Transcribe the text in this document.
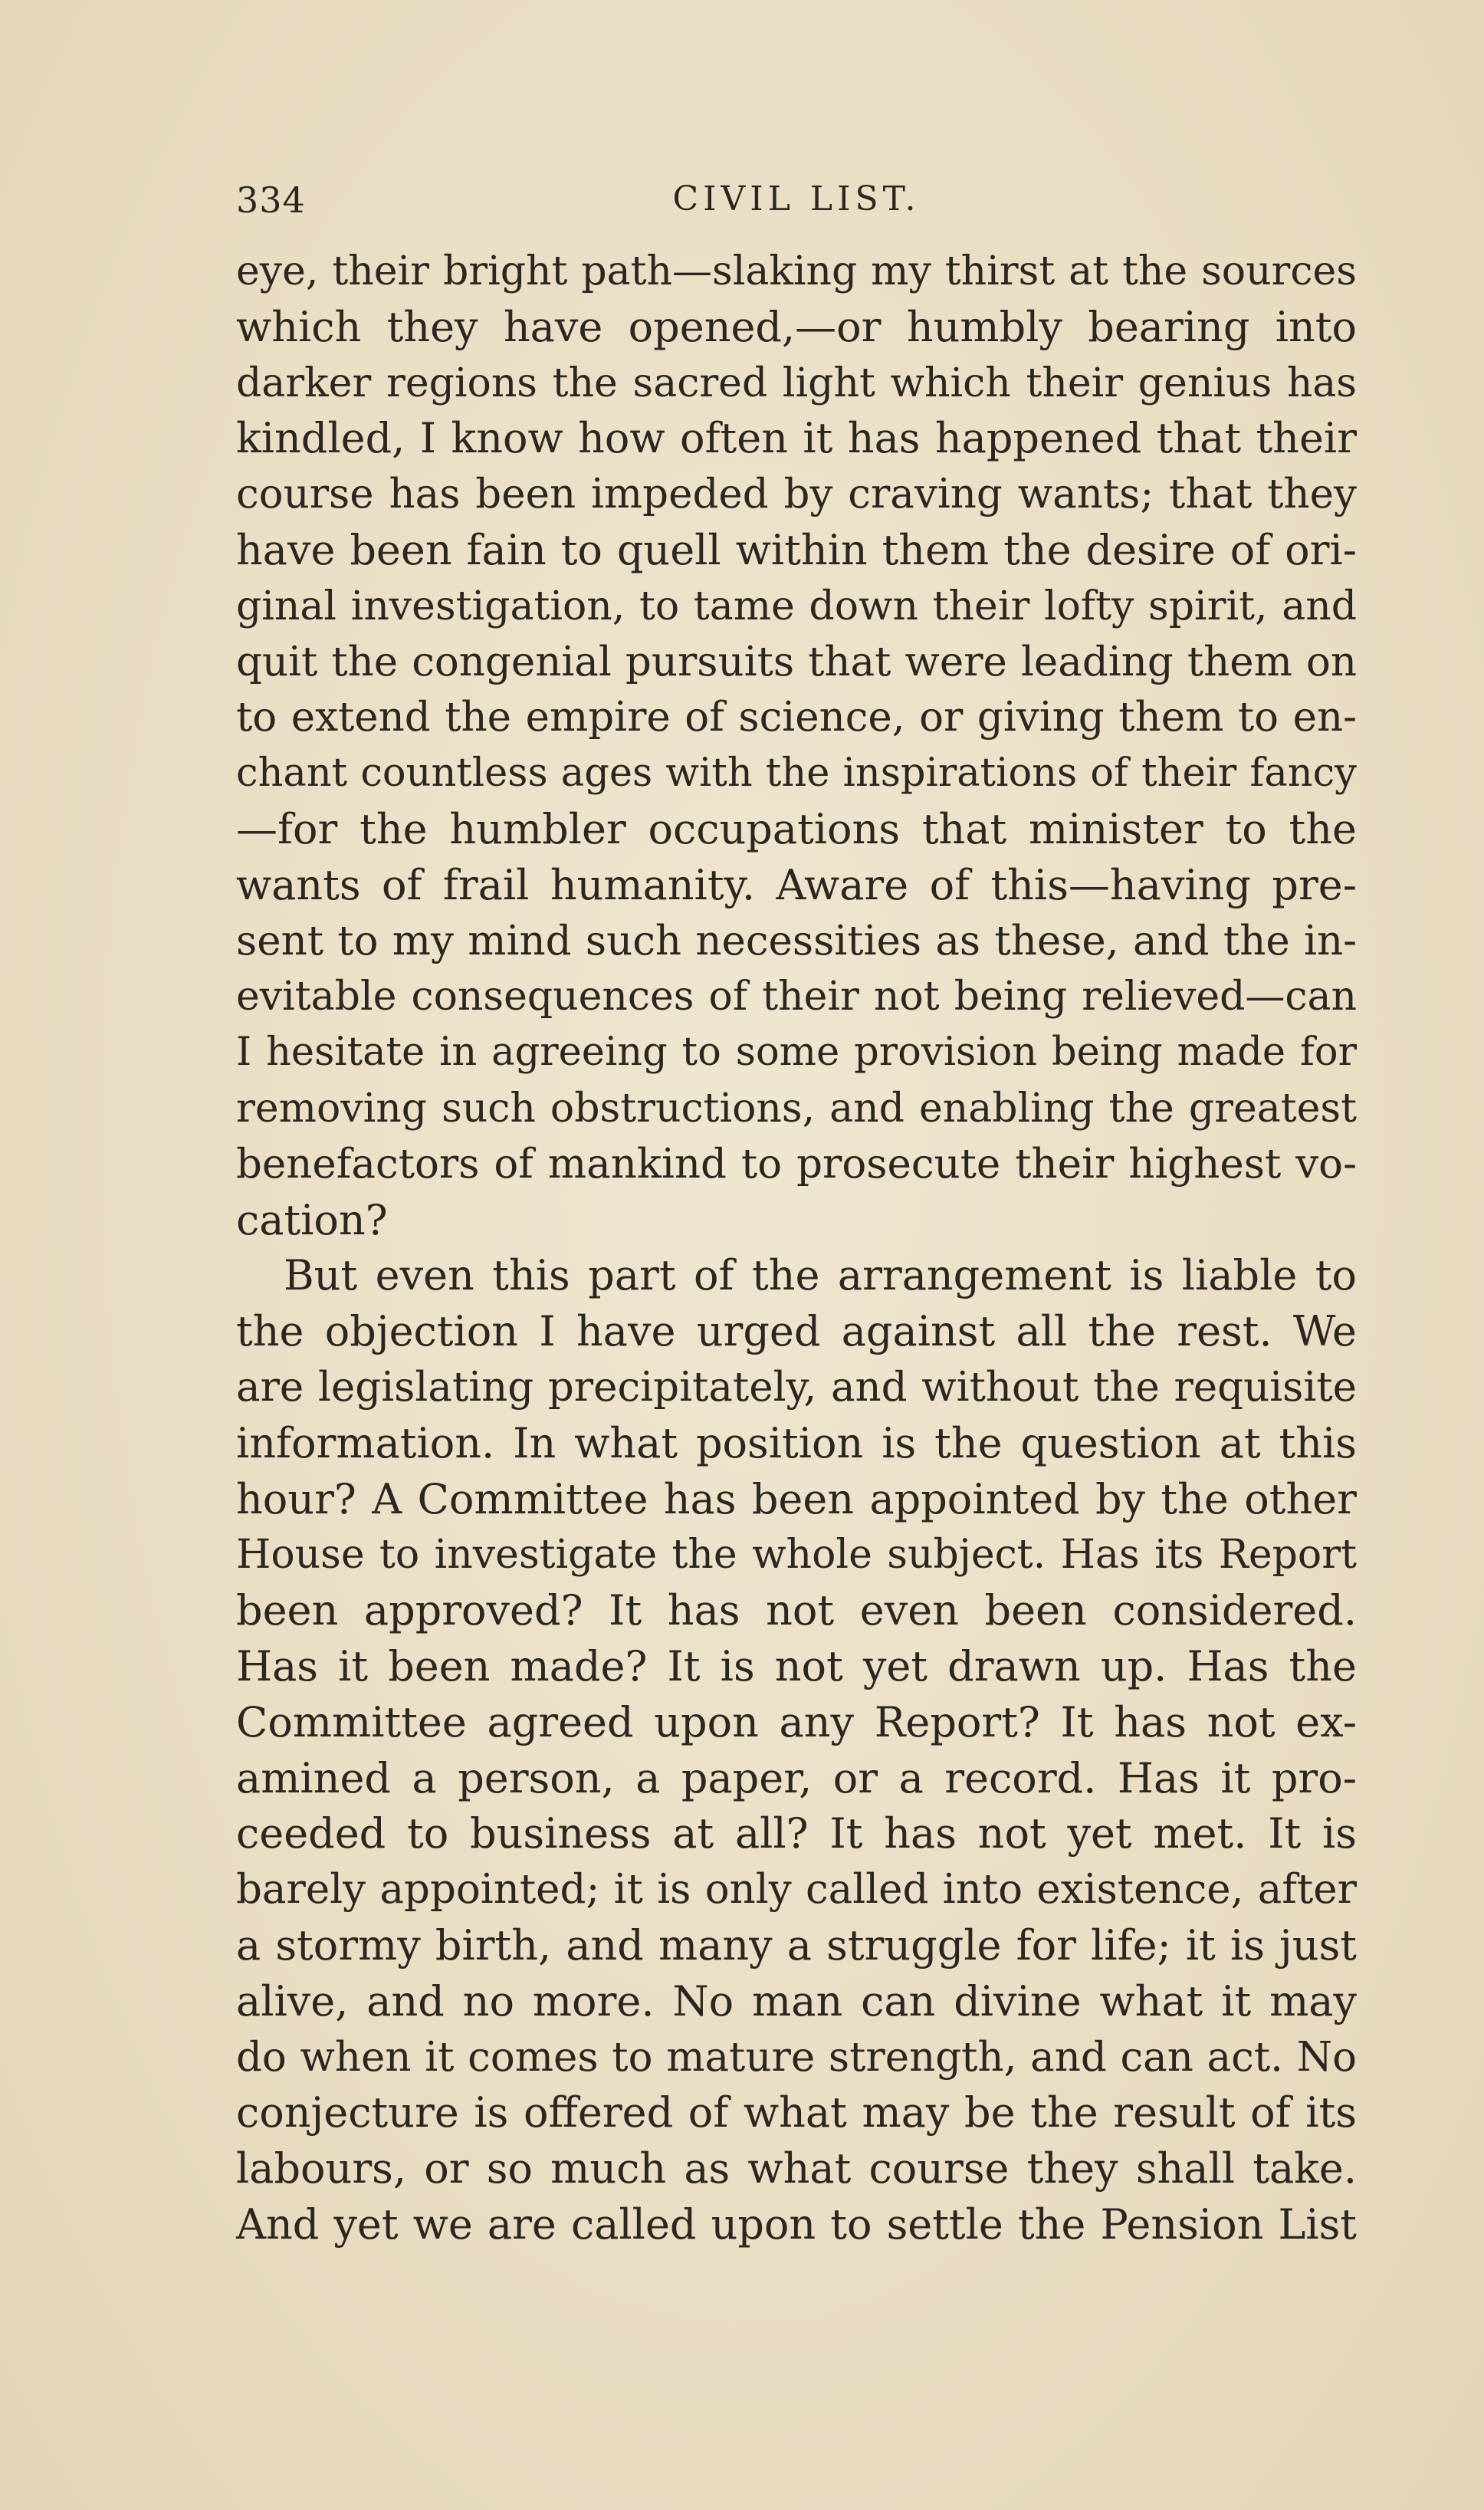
334	CIVIL LIST.
eye, their bright path—slaking my thirst at the sources
which they have opened,—or humbly bearing into
darker regions the sacred light which their genius has
kindled, I know how often it has happened that their
course has been impeded by craving wants; that they
have been fain to quell within them the desire of ori-
ginal investigation, to tame down their lofty spirit, and
quit the congenial pursuits that were leading them on
to extend the empire of science, or giving them to en-
chant countless ages with the inspirations of their fancy
—for the humbler occupations that minister to the
wants of frail humanity. Aware of this—having pre-
sent to my mind such necessities as these, and the in-
evitable consequences of their not being relieved—can
I hesitate in agreeing to some provision being made for
removing such obstructions, and enabling the greatest
benefactors of mankind to prosecute their highest vo-
cation?
But even this part of the arrangement is liable to
the objection I have urged against all the rest. We
are legislating precipitately, and without the requisite
information. In what position is the question at this
hour? A Committee has been appointed by the other
House to investigate the whole subject. Has its Report
been approved? It has not even been considered.
Has it been made? It is not yet drawn up. Has the
Committee agreed upon any Report? It has not ex-
amined a person, a paper, or a record. Has it pro-
ceeded to business at all? It has not yet met. It is
barely appointed; it is only called into existence, after
a stormy birth, and many a struggle for life; it is just
alive, and no more. No man can divine what it may
do when it comes to mature strength, and can act. No
conjecture is offered of what may be the result of its
labours, or so much as what course they shall take.
And yet we are called upon to settle the Pension List
